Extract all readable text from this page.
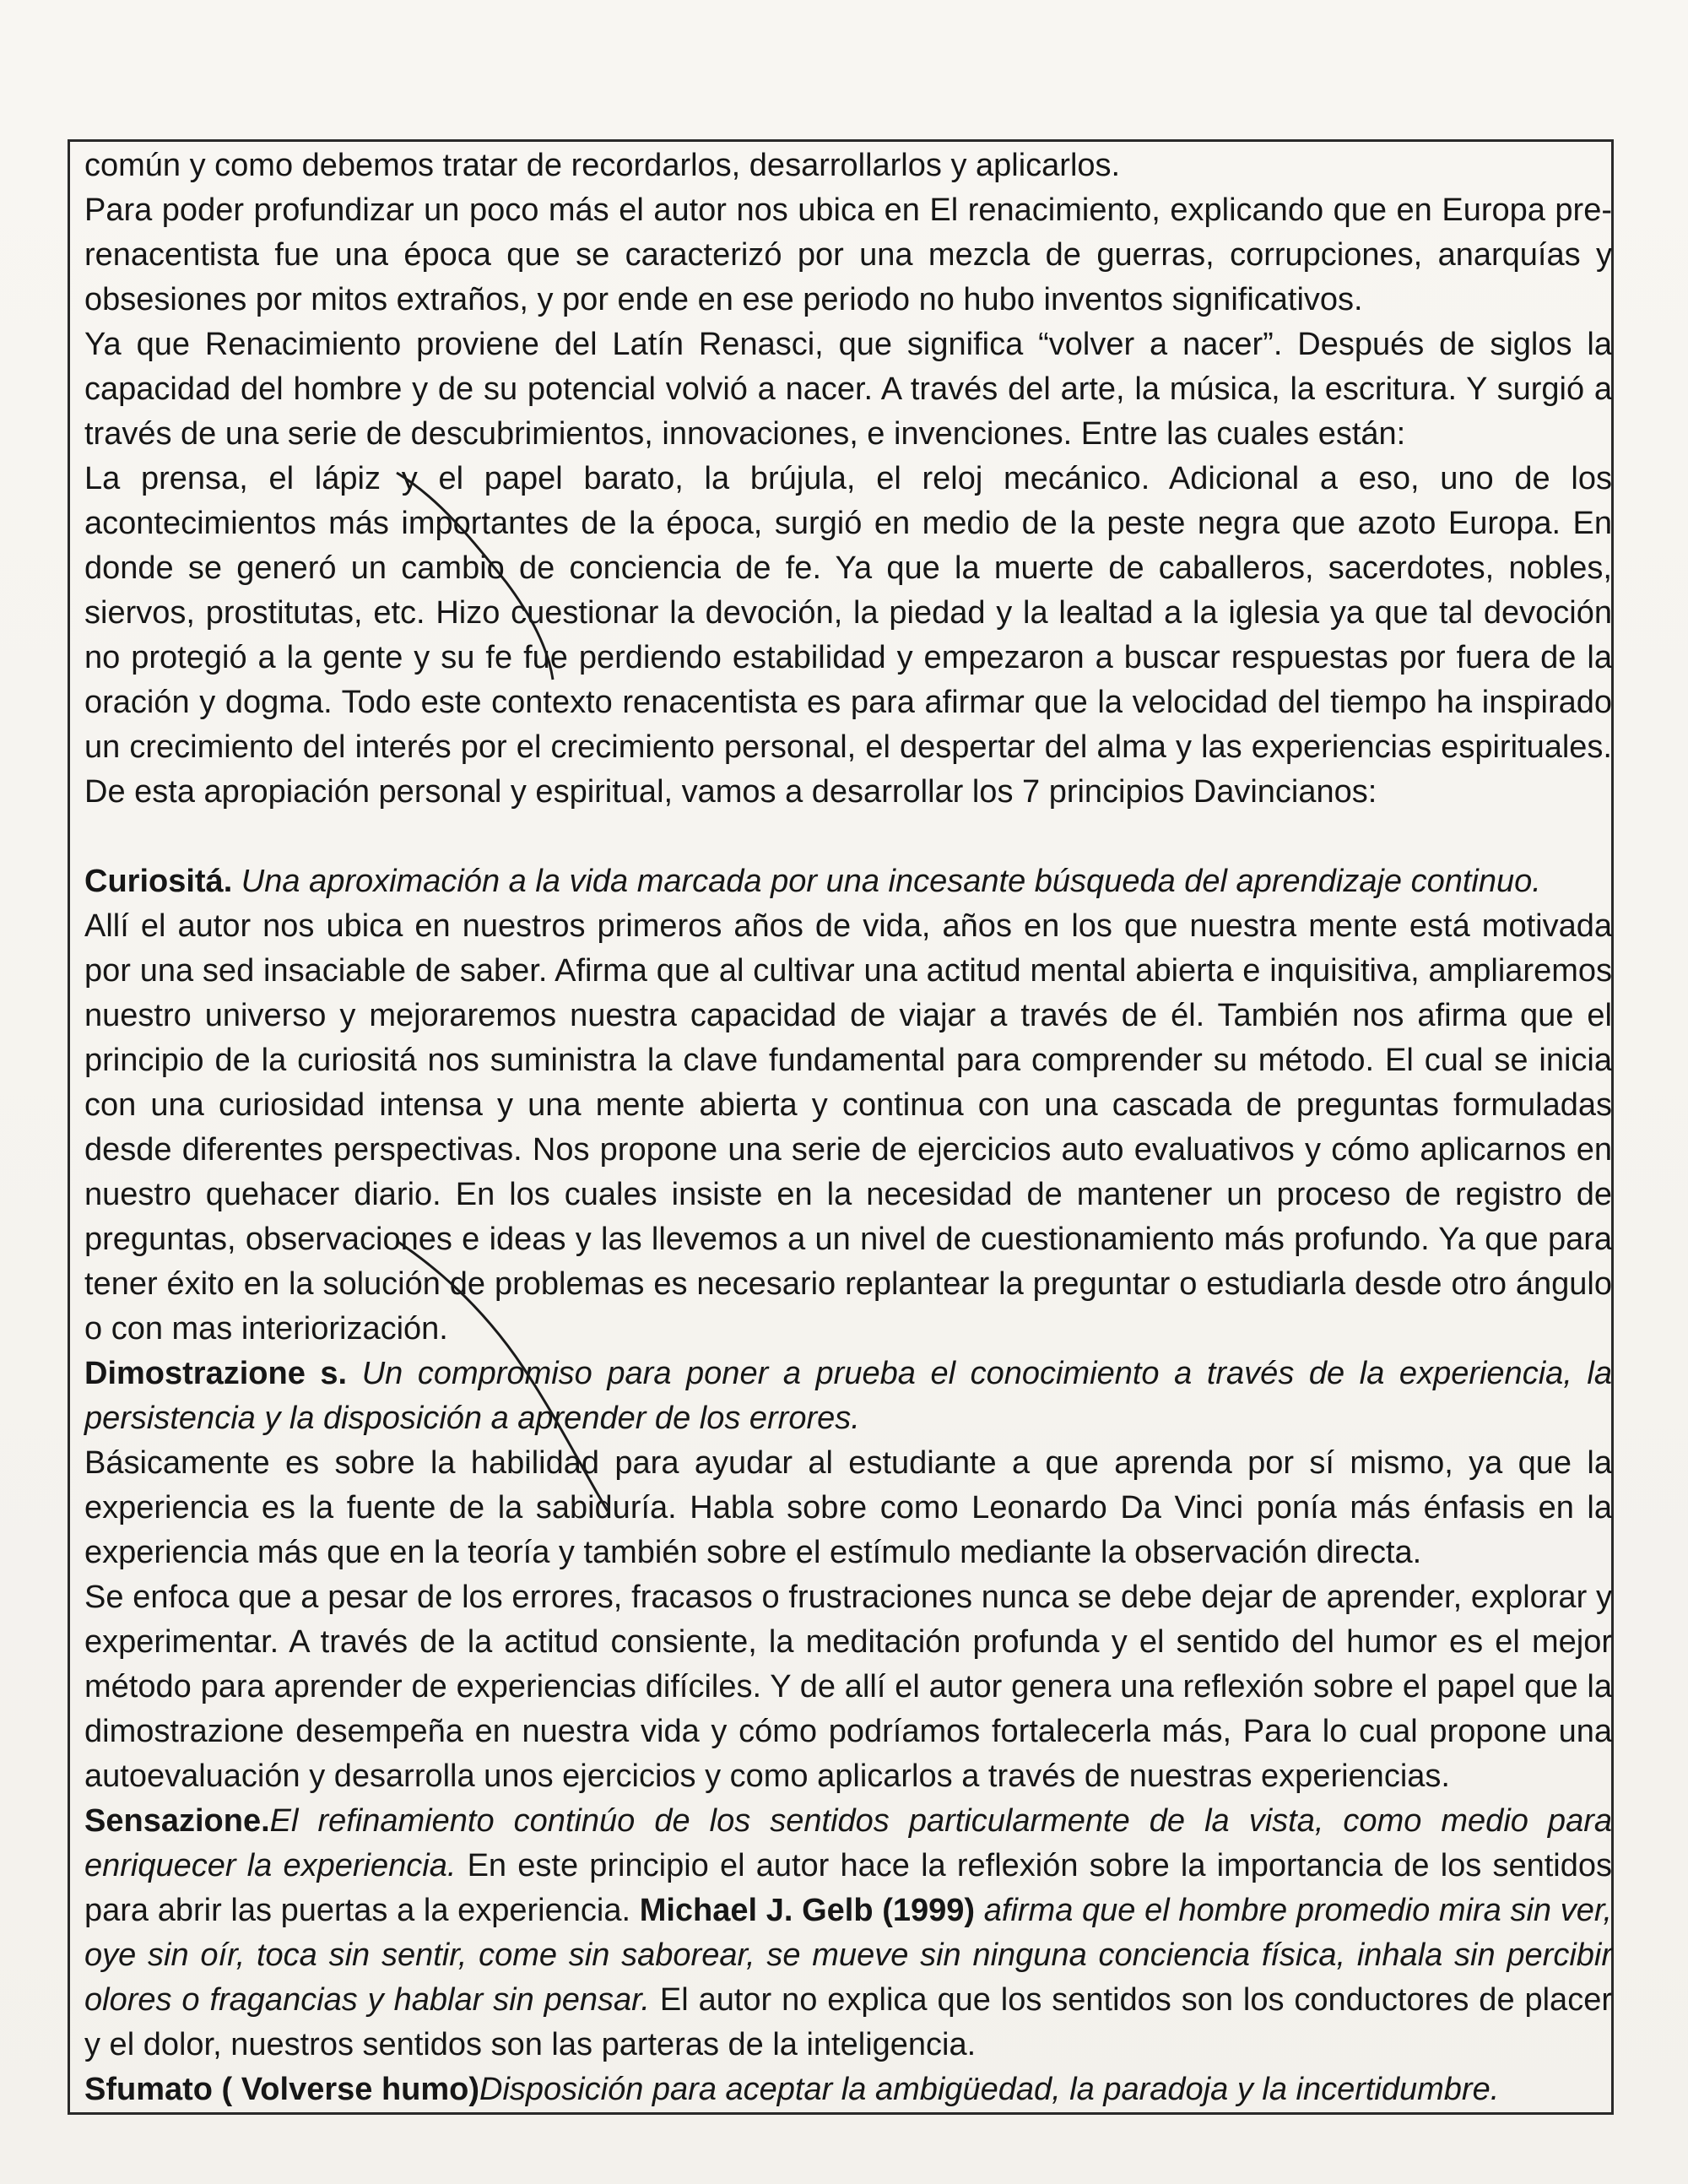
común y como debemos tratar de recordarlos, desarrollarlos y aplicarlos.

Para poder profundizar un poco más el autor nos ubica en El renacimiento, explicando que en Europa pre-renacentista fue una época que se caracterizó por una mezcla de guerras, corrupciones, anarquías y obsesiones por mitos extraños, y por ende en ese periodo no hubo inventos significativos.

Ya que Renacimiento proviene del Latín Renasci, que significa “volver a nacer”. Después de siglos la capacidad del hombre y de su potencial volvió a nacer. A través del arte, la música, la escritura. Y surgió a través de una serie de descubrimientos, innovaciones, e invenciones. Entre las cuales están:

La prensa, el lápiz y el papel barato, la brújula, el reloj mecánico. Adicional a eso, uno de los acontecimientos más importantes de la época, surgió en medio de la peste negra que azoto Europa. En donde se generó un cambio de conciencia de fe. Ya que la muerte de caballeros, sacerdotes, nobles, siervos, prostitutas, etc. Hizo cuestionar la devoción, la piedad y la lealtad a la iglesia ya que tal devoción no protegió a la gente y su fe fue perdiendo estabilidad y empezaron a buscar respuestas por fuera de la oración y dogma. Todo este contexto renacentista es para afirmar que la velocidad del tiempo ha inspirado un crecimiento del interés por el crecimiento personal, el despertar del alma y las experiencias espirituales. De esta apropiación personal y espiritual, vamos a desarrollar los 7 principios Davincianos:

Curiositá. Una aproximación a la vida marcada por una incesante búsqueda del aprendizaje continuo.

Allí el autor nos ubica en nuestros primeros años de vida, años en los que nuestra mente está motivada por una sed insaciable de saber. Afirma que al cultivar una actitud mental abierta e inquisitiva, ampliaremos nuestro universo y mejoraremos nuestra capacidad de viajar a través de él. También nos afirma que el principio de la curiositá nos suministra la clave fundamental para comprender su método. El cual se inicia con una curiosidad intensa y una mente abierta y continua con una cascada de preguntas formuladas desde diferentes perspectivas. Nos propone una serie de ejercicios auto evaluativos y cómo aplicarnos en nuestro quehacer diario. En los cuales insiste en la necesidad de mantener un proceso de registro de preguntas, observaciones e ideas y las llevemos a un nivel de cuestionamiento más profundo. Ya que para tener éxito en la solución de problemas es necesario replantear la preguntar o estudiarla desde otro ángulo o con mas interiorización.

Dimostrazione s. Un compromiso para poner a prueba el conocimiento a través de la experiencia, la persistencia y la disposición a aprender de los errores.

Básicamente es sobre la habilidad para ayudar al estudiante a que aprenda por sí mismo, ya que la experiencia es la fuente de la sabiduría. Habla sobre como Leonardo Da Vinci ponía más énfasis en la experiencia más que en la teoría y también sobre el estímulo mediante la observación directa.

Se enfoca que a pesar de los errores, fracasos o frustraciones nunca se debe dejar de aprender, explorar y experimentar. A través de la actitud consiente, la meditación profunda y el sentido del humor es el mejor método para aprender de experiencias difíciles. Y de allí el autor genera una reflexión sobre el papel que la dimostrazione desempeña en nuestra vida y cómo podríamos fortalecerla más, Para lo cual propone una autoevaluación y desarrolla unos ejercicios y como aplicarlos a través de nuestras experiencias.

Sensazione.El refinamiento continúo de los sentidos particularmente de la vista, como medio para enriquecer la experiencia. En este principio el autor hace la reflexión sobre la importancia de los sentidos para abrir las puertas a la experiencia. Michael J. Gelb (1999) afirma que el hombre promedio mira sin ver, oye sin oír, toca sin sentir, come sin saborear, se mueve sin ninguna conciencia física, inhala sin percibir olores o fragancias y hablar sin pensar. El autor no explica que los sentidos son los conductores de placer y el dolor, nuestros sentidos son las parteras de la inteligencia.

Sfumato ( Volverse humo)Disposición para aceptar la ambigüedad, la paradoja y la incertidumbre.
